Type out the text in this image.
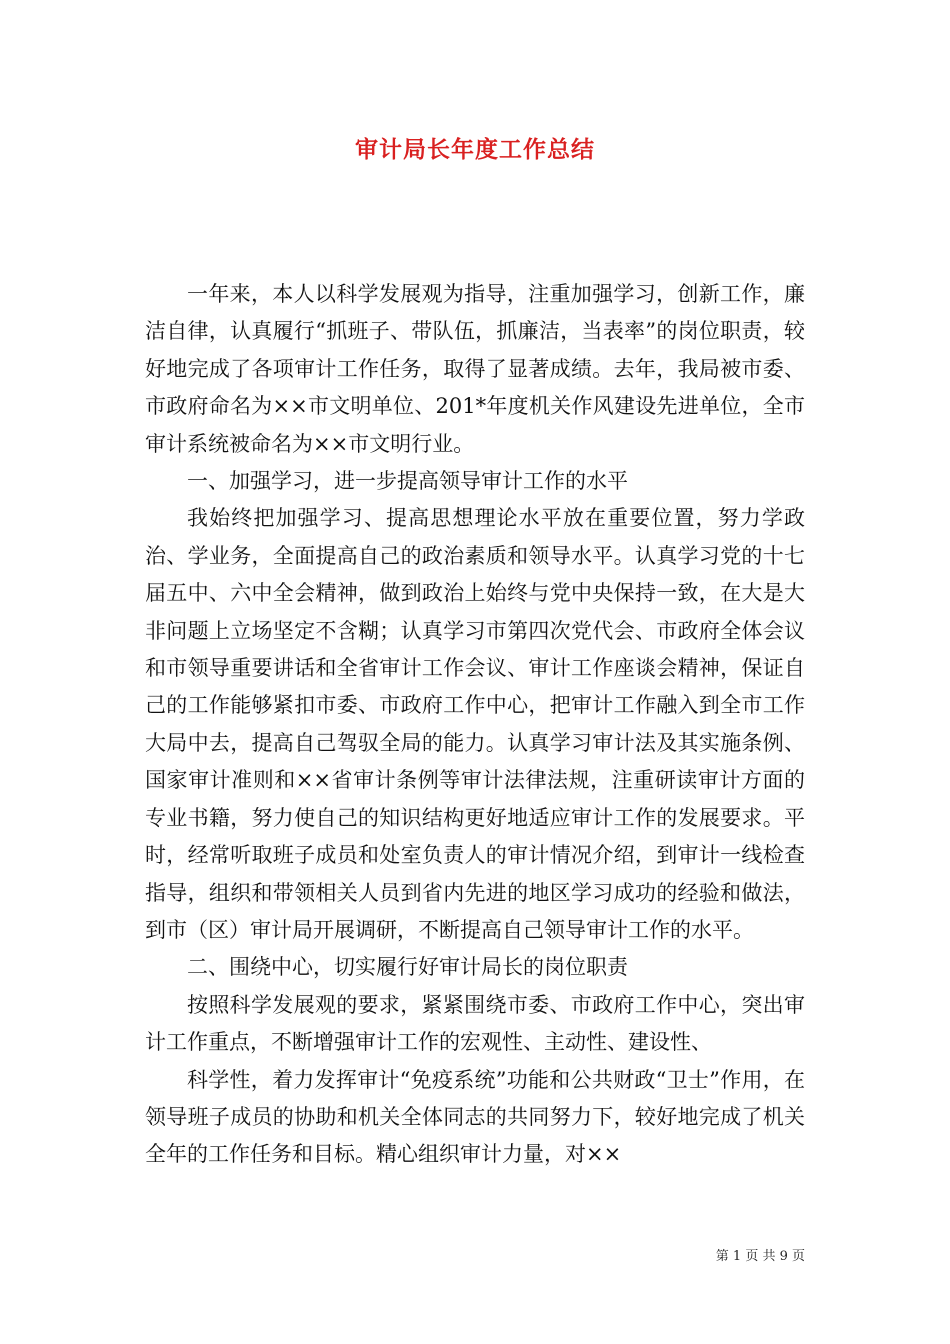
审计局长年度工作总结

一年来，本人以科学发展观为指导，注重加强学习，创新工作，廉洁自律，认真履行“抓班子、带队伍，抓廉洁，当表率”的岗位职责，较好地完成了各项审计工作任务，取得了显著成绩。去年，我局被市委、市政府命名为××市文明单位、201*年度机关作风建设先进单位，全市审计系统被命名为××市文明行业。

一、加强学习，进一步提高领导审计工作的水平

我始终把加强学习、提高思想理论水平放在重要位置，努力学政治、学业务，全面提高自己的政治素质和领导水平。认真学习党的十七届五中、六中全会精神，做到政治上始终与党中央保持一致，在大是大非问题上立场坚定不含糊；认真学习市第四次党代会、市政府全体会议和市领导重要讲话和全省审计工作会议、审计工作座谈会精神，保证自己的工作能够紧扣市委、市政府工作中心，把审计工作融入到全市工作大局中去，提高自己驾驭全局的能力。认真学习审计法及其实施条例、国家审计准则和××省审计条例等审计法律法规，注重研读审计方面的专业书籍，努力使自己的知识结构更好地适应审计工作的发展要求。平时，经常听取班子成员和处室负责人的审计情况介绍，到审计一线检查指导，组织和带领相关人员到省内先进的地区学习成功的经验和做法，到市（区）审计局开展调研，不断提高自己领导审计工作的水平。

二、围绕中心，切实履行好审计局长的岗位职责

按照科学发展观的要求，紧紧围绕市委、市政府工作中心，突出审计工作重点，不断增强审计工作的宏观性、主动性、建设性、

科学性，着力发挥审计“免疫系统”功能和公共财政“卫士”作用，在领导班子成员的协助和机关全体同志的共同努力下，较好地完成了机关全年的工作任务和目标。精心组织审计力量，对××

第 1 页 共 9 页
